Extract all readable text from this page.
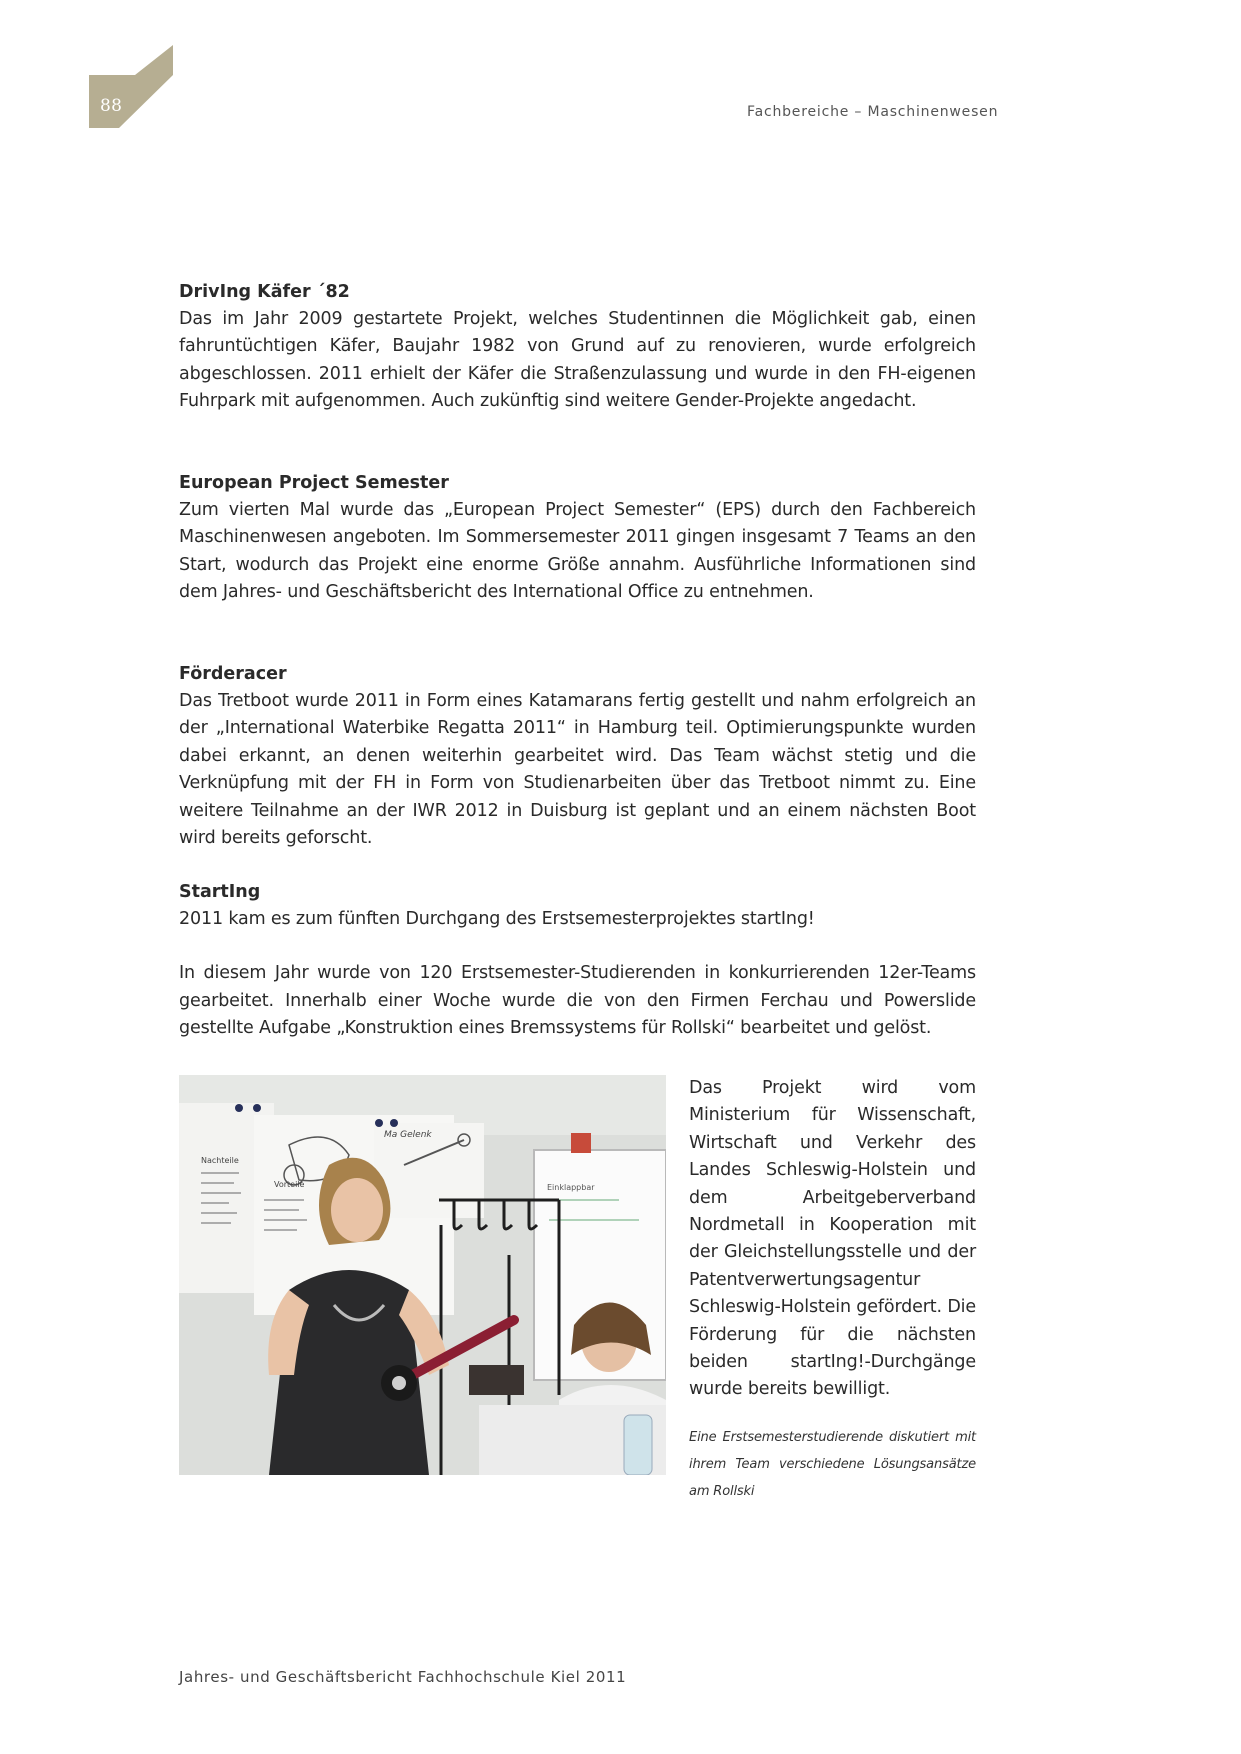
88	Fachbereiche – Maschinenwesen
DrivIng Käfer ´82

Das im Jahr 2009 gestartete Projekt, welches Studentinnen die Möglichkeit gab, einen fahruntüchtigen Käfer, Baujahr 1982 von Grund auf zu renovieren, wurde erfolgreich abgeschlossen. 2011 erhielt der Käfer die Straßenzulassung und wurde in den FH-eigenen Fuhrpark mit aufgenommen. Auch zukünftig sind weitere Gender-Projekte angedacht.

European Project Semester

Zum vierten Mal wurde das „European Project Semester“ (EPS) durch den Fachbereich Maschinenwesen angeboten. Im Sommersemester 2011 gingen insgesamt 7 Teams an den Start, wodurch das Projekt eine enorme Größe annahm. Ausführliche Informationen sind dem Jahres- und Geschäftsbericht des International Office zu entnehmen.

Förderacer

Das Tretboot wurde 2011 in Form eines Katamarans fertig gestellt und nahm erfolgreich an der „International Waterbike Regatta 2011“ in Hamburg teil. Optimierungspunkte wurden dabei erkannt, an denen weiterhin gearbeitet wird. Das Team wächst stetig und die Verknüpfung mit der FH in Form von Studienarbeiten über das Tretboot nimmt zu. Eine weitere Teilnahme an der IWR 2012 in Duisburg ist geplant und an einem nächsten Boot wird bereits geforscht.

StartIng

2011 kam es zum fünften Durchgang des Erstsemesterprojektes startIng!

In diesem Jahr wurde von 120 Erstsemester-Studierenden in konkurrierenden 12er-Teams gearbeitet. Innerhalb einer Woche wurde die von den Firmen Ferchau und Powerslide gestellte Aufgabe „Konstruktion eines Bremssystems für Rollski“ bearbeitet und gelöst.

Ma Gelenk
Nachteile
Vorteile	Einklappbar

Das Projekt wird vom Ministerium für Wissenschaft, Wirtschaft und Verkehr des Landes Schleswig-Holstein und dem Arbeitgeberverband Nordmetall in Kooperation mit der Gleichstellungsstelle und der Patentverwertungsagentur Schleswig-Holstein gefördert. Die Förderung für die nächsten beiden startIng!-Durchgänge wurde bereits bewilligt.

Eine Erstsemesterstudierende diskutiert mit ihrem Team verschiedene Lösungsansätze am Rollski

Jahres- und Geschäftsbericht Fachhochschule Kiel 2011
